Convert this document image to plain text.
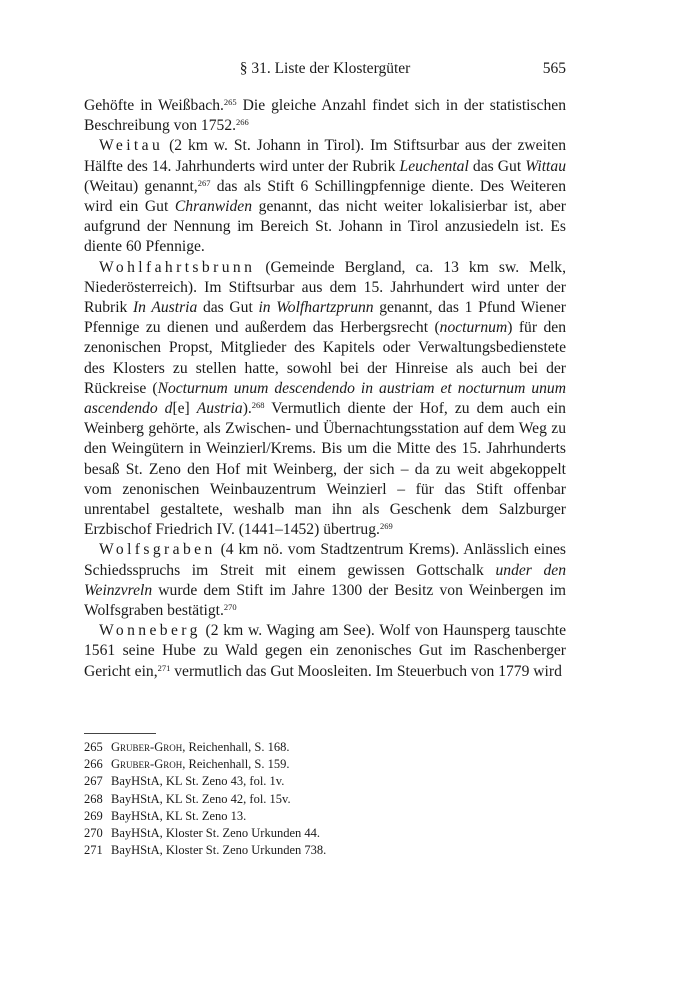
§ 31. Liste der Klostergüter	565

Gehöfte in Weißbach.$^{265}$ Die gleiche Anzahl findet sich in der statistischen Beschreibung von 1752.$^{266}$

Weitau (2 km w. St. Johann in Tirol). Im Stiftsurbar aus der zweiten Hälfte des 14. Jahrhunderts wird unter der Rubrik Leuchental das Gut Wittau (Weitau) genannt,$^{267}$ das als Stift 6 Schillingpfennige diente. Des Weiteren wird ein Gut Chranwiden genannt, das nicht weiter lokalisierbar ist, aber aufgrund der Nennung im Bereich St. Johann in Tirol anzusiedeln ist. Es diente 60 Pfennige.

Wohlfahrtsbrunn (Gemeinde Bergland, ca. 13 km sw. Melk, Niederösterreich). Im Stiftsurbar aus dem 15. Jahrhundert wird unter der Rubrik In Austria das Gut in Wolfhartzprunn genannt, das 1 Pfund Wiener Pfennige zu dienen und außerdem das Herbergsrecht (nocturnum) für den zenonischen Propst, Mitglieder des Kapitels oder Verwaltungsbedienstete des Klosters zu stellen hatte, sowohl bei der Hinreise als auch bei der Rückreise (Nocturnum unum descendendo in austriam et nocturnum unum ascendendo d[e] Austria).$^{268}$ Vermutlich diente der Hof, zu dem auch ein Weinberg gehörte, als Zwischen- und Übernachtungsstation auf dem Weg zu den Weingütern in Weinzierl/Krems. Bis um die Mitte des 15. Jahrhunderts besaß St. Zeno den Hof mit Weinberg, der sich – da zu weit abgekoppelt vom zenonischen Weinbauzentrum Weinzierl – für das Stift offenbar unrentabel gestaltete, weshalb man ihn als Geschenk dem Salzburger Erzbischof Friedrich IV. (1441–1452) übertrug.$^{269}$

Wolfsgraben (4 km nö. vom Stadtzentrum Krems). Anlässlich eines Schiedsspruchs im Streit mit einem gewissen Gottschalk under den Weinzvreln wurde dem Stift im Jahre 1300 der Besitz von Weinbergen im Wolfsgraben bestätigt.$^{270}$

Wonneberg (2 km w. Waging am See). Wolf von Haunsperg tauschte 1561 seine Hube zu Wald gegen ein zenonisches Gut im Raschenberger Gericht ein,$^{271}$ vermutlich das Gut Moosleiten. Im Steuerbuch von 1779 wird

265 Gruber-Groh, Reichenhall, S. 168.
266 Gruber-Groh, Reichenhall, S. 159.
267 BayHStA, KL St. Zeno 43, fol. 1v.
268 BayHStA, KL St. Zeno 42, fol. 15v.
269 BayHStA, KL St. Zeno 13.
270 BayHStA, Kloster St. Zeno Urkunden 44.
271 BayHStA, Kloster St. Zeno Urkunden 738.
